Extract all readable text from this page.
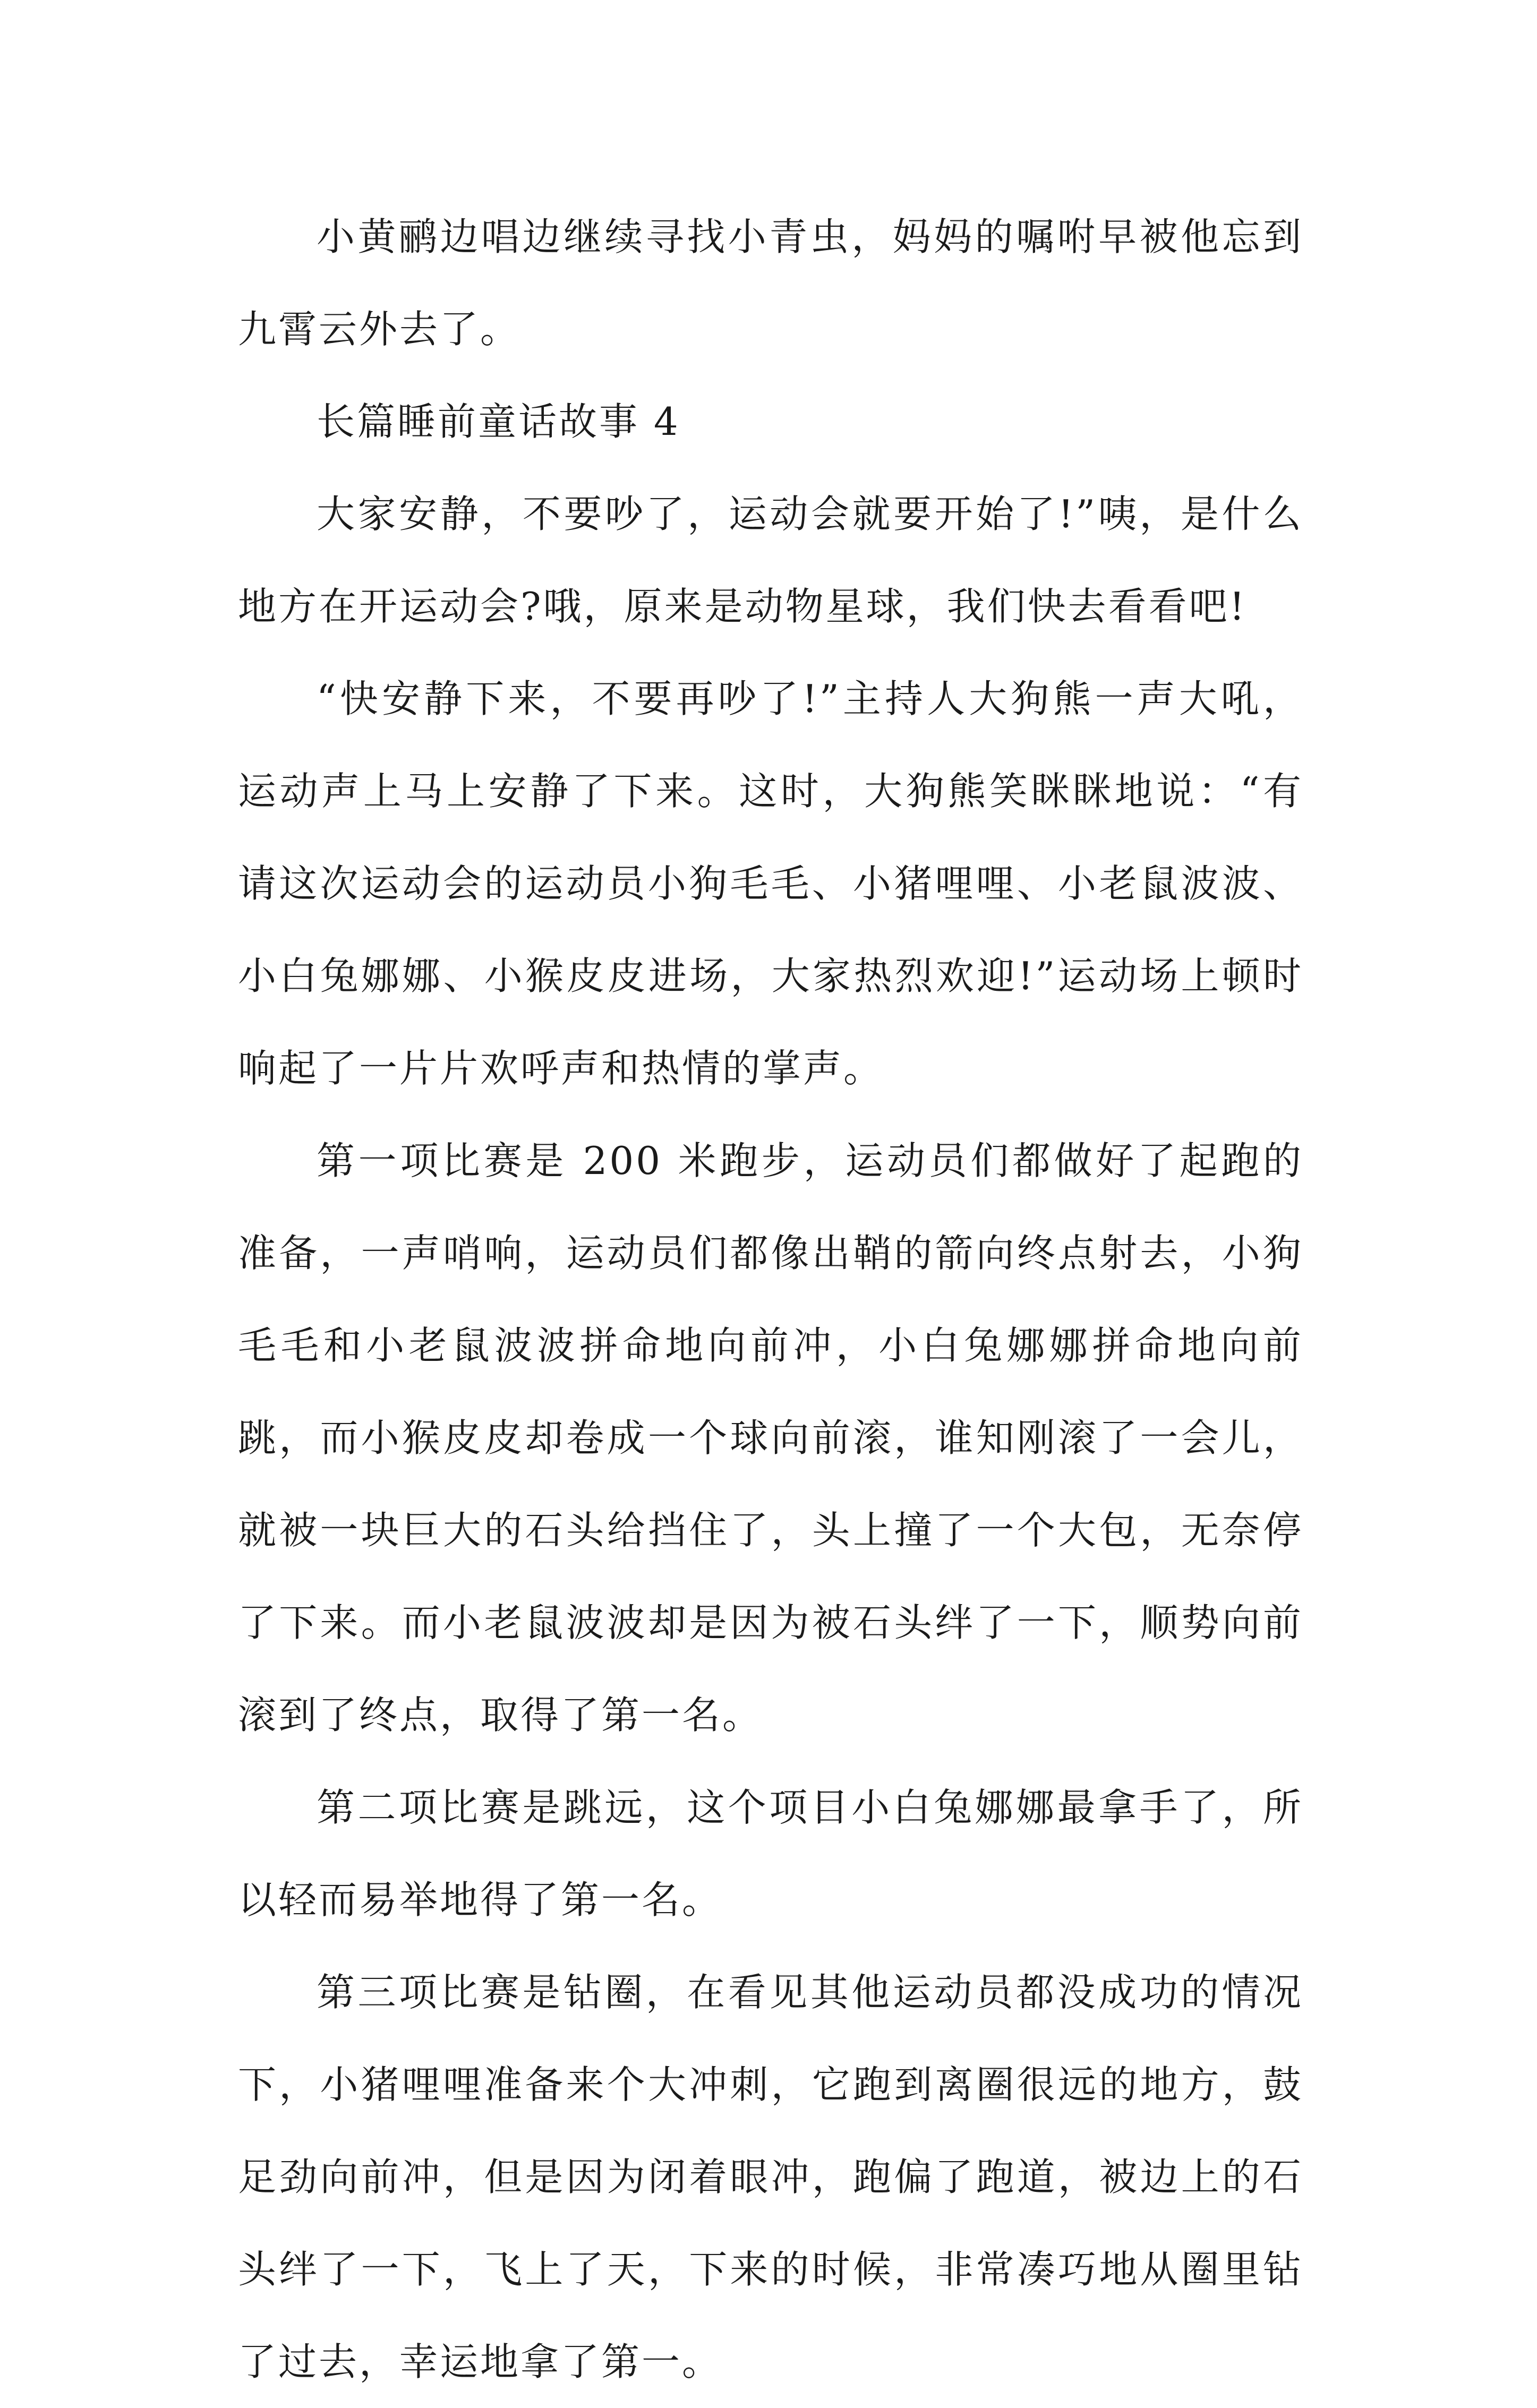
小黄鹂边唱边继续寻找小青虫，妈妈的嘱咐早被他忘到九霄云外去了。

长篇睡前童话故事 4

大家安静，不要吵了，运动会就要开始了!”咦，是什么地方在开运动会?哦，原来是动物星球，我们快去看看吧!

“快安静下来，不要再吵了!”主持人大狗熊一声大吼，运动声上马上安静了下来。这时，大狗熊笑眯眯地说：“有请这次运动会的运动员小狗毛毛、小猪哩哩、小老鼠波波、小白兔娜娜、小猴皮皮进场，大家热烈欢迎!”运动场上顿时响起了一片片欢呼声和热情的掌声。

第一项比赛是 200 米跑步，运动员们都做好了起跑的准备，一声哨响，运动员们都像出鞘的箭向终点射去，小狗毛毛和小老鼠波波拼命地向前冲，小白兔娜娜拼命地向前跳，而小猴皮皮却卷成一个球向前滚，谁知刚滚了一会儿，就被一块巨大的石头给挡住了，头上撞了一个大包，无奈停了下来。而小老鼠波波却是因为被石头绊了一下，顺势向前滚到了终点，取得了第一名。

第二项比赛是跳远，这个项目小白兔娜娜最拿手了，所以轻而易举地得了第一名。

第三项比赛是钻圈，在看见其他运动员都没成功的情况下，小猪哩哩准备来个大冲刺，它跑到离圈很远的地方，鼓足劲向前冲，但是因为闭着眼冲，跑偏了跑道，被边上的石头绊了一下，飞上了天，下来的时候，非常凑巧地从圈里钻了过去，幸运地拿了第一。
